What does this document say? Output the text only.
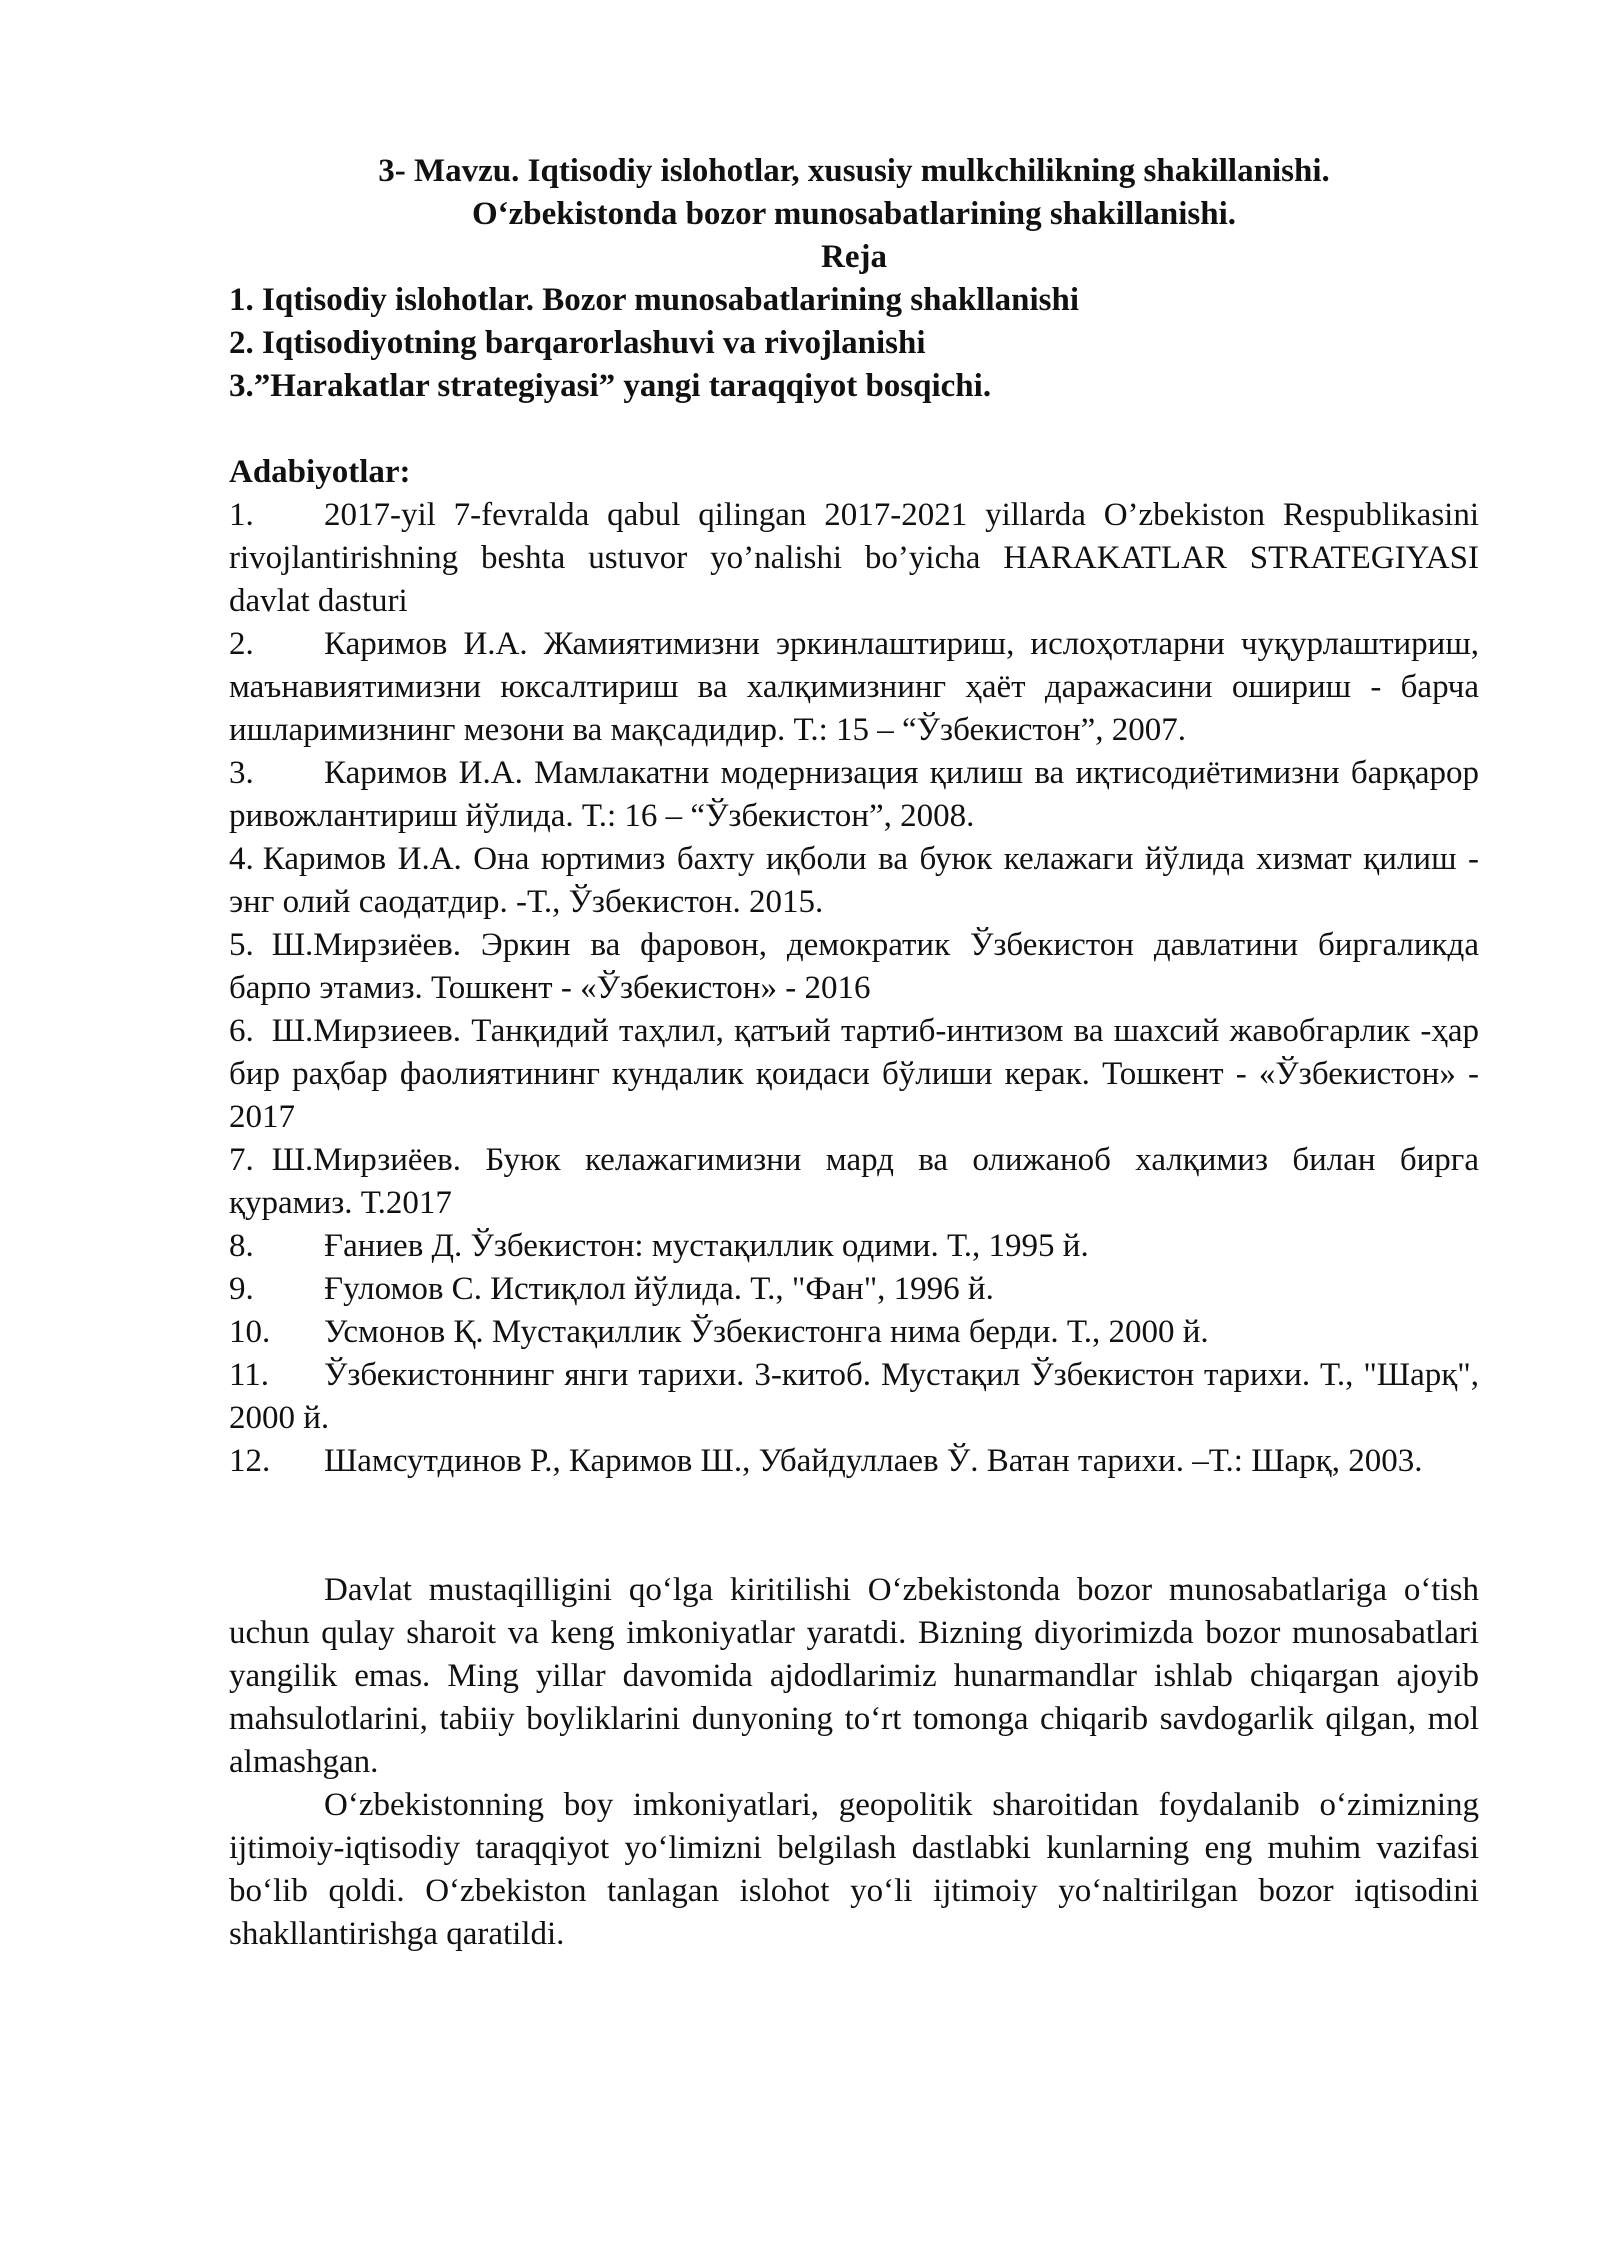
3- Mavzu. Iqtisodiy islohotlar, xususiy mulkchilikning shakillanishi.
O‘zbekistonda bozor munosabatlarining shakillanishi.
Reja
1. Iqtisodiy islohotlar. Bozor munosabatlarining shakllanishi
2. Iqtisodiyotning barqarorlashuvi va rivojlanishi
3.”Harakatlar strategiyasi” yangi taraqqiyot bosqichi.
Adabiyotlar:
1. 2017-yil 7-fevralda qabul qilingan 2017-2021 yillarda O’zbekiston Respublikasini rivojlantirishning beshta ustuvor yo’nalishi bo’yicha HARAKATLAR STRATEGIYASI davlat dasturi
2. Каримов И.А. Жамиятимизни эркинлаштириш, ислоҳотларни чуқурлаштириш, маънавиятимизни юксалтириш ва халқимизнинг ҳаёт даражасини ошириш - барча ишларимизнинг мезони ва мақсадидир. Т.: 15 – “Ўзбекистон”, 2007.
3. Каримов И.А. Мамлакатни модернизация қилиш ва иқтисодиётимизни барқарор ривожлантириш йўлида. Т.: 16 – “Ўзбекистон”, 2008.
4. Каримов И.А. Она юртимиз бахту иқболи ва буюк келажаги йўлида хизмат қилиш - энг олий саодатдир. -Т., Ўзбекистон. 2015.
5. Ш.Мирзиёев. Эркин ва фаровон, демократик Ўзбекистон давлатини биргаликда барпо этамиз. Тошкент - «Ўзбекистон» - 2016
6. Ш.Мирзиеев. Танқидий таҳлил, қатъий тартиб-интизом ва шахсий жавобгарлик -ҳар бир раҳбар фаолиятининг кундалик қоидаси бўлиши керак. Тошкент - «Ўзбекистон» - 2017
7. Ш.Мирзиёев. Буюк келажагимизни мард ва олижаноб халқимиз билан бирга қурамиз. Т.2017
8. Ғаниев Д. Ўзбекистон: мустақиллик одими. Т., 1995 й.
9. Ғуломов С. Истиқлол йўлида. Т., "Фан", 1996 й.
10. Усмонов Қ. Мустақиллик Ўзбекистонга нима берди. Т., 2000 й.
11. Ўзбекистоннинг янги тарихи. 3-китоб. Мустақил Ўзбекистон тарихи. Т., "Шарқ", 2000 й.
12. Шамсутдинов Р., Каримов Ш., Убайдуллаев Ў. Ватан тарихи. –Т.: Шарқ, 2003.

Davlat mustaqilligini qo‘lga kiritilishi O‘zbekistonda bozor munosabatlariga o‘tish uchun qulay sharoit va keng imkoniyatlar yaratdi. Bizning diyorimizda bozor munosabatlari yangilik emas. Ming yillar davomida ajdodlarimiz hunarmandlar ishlab chiqargan ajoyib mahsulotlarini, tabiiy boyliklarini dunyoning to‘rt tomonga chiqarib savdogarlik qilgan, mol almashgan.

O‘zbekistonning boy imkoniyatlari, geopolitik sharoitidan foydalanib o‘zimizning ijtimoiy-iqtisodiy taraqqiyot yo‘limizni belgilash dastlabki kunlarning eng muhim vazifasi bo‘lib qoldi. O‘zbekiston tanlagan islohot yo‘li ijtimoiy yo‘naltirilgan bozor iqtisodini shakllantirishga qaratildi.
